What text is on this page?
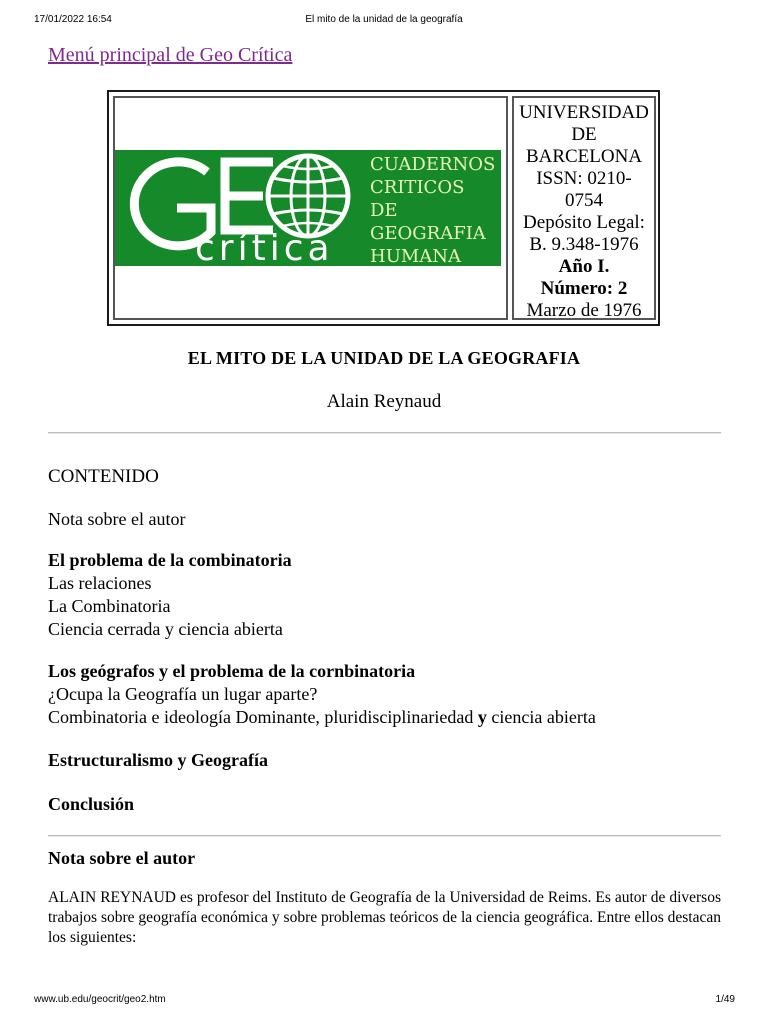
17/01/2022 16:54	El mito de la unidad de la geografía
Menú principal de Geo Crítica
UNIVERSIDAD
DE
BARCELONA
ISSN: 0210-
0754
Depósito Legal:
B. 9.348-1976
Año I.
Número: 2
Marzo de 1976
crítica
CUADERNOS
CRITICOS
DE
GEOGRAFIA
HUMANA
EL MITO DE LA UNIDAD DE LA GEOGRAFIA
Alain Reynaud
CONTENIDO
Nota sobre el autor
El problema de la combinatoria
Las relaciones
La Combinatoria
Ciencia cerrada y ciencia abierta
Los geógrafos y el problema de la cornbinatoria
¿Ocupa la Geografía un lugar aparte?
Combinatoria e ideología Dominante, pluridisciplinariedad y ciencia abierta
Estructuralismo y Geografía
Conclusión
Nota sobre el autor
ALAIN REYNAUD es profesor del Instituto de Geografía de la Universidad de Reims. Es autor de diversos trabajos sobre geografía económica y sobre problemas teóricos de la ciencia geográfica. Entre ellos destacan los siguientes:
www.ub.edu/geocrit/geo2.htm	1/49
